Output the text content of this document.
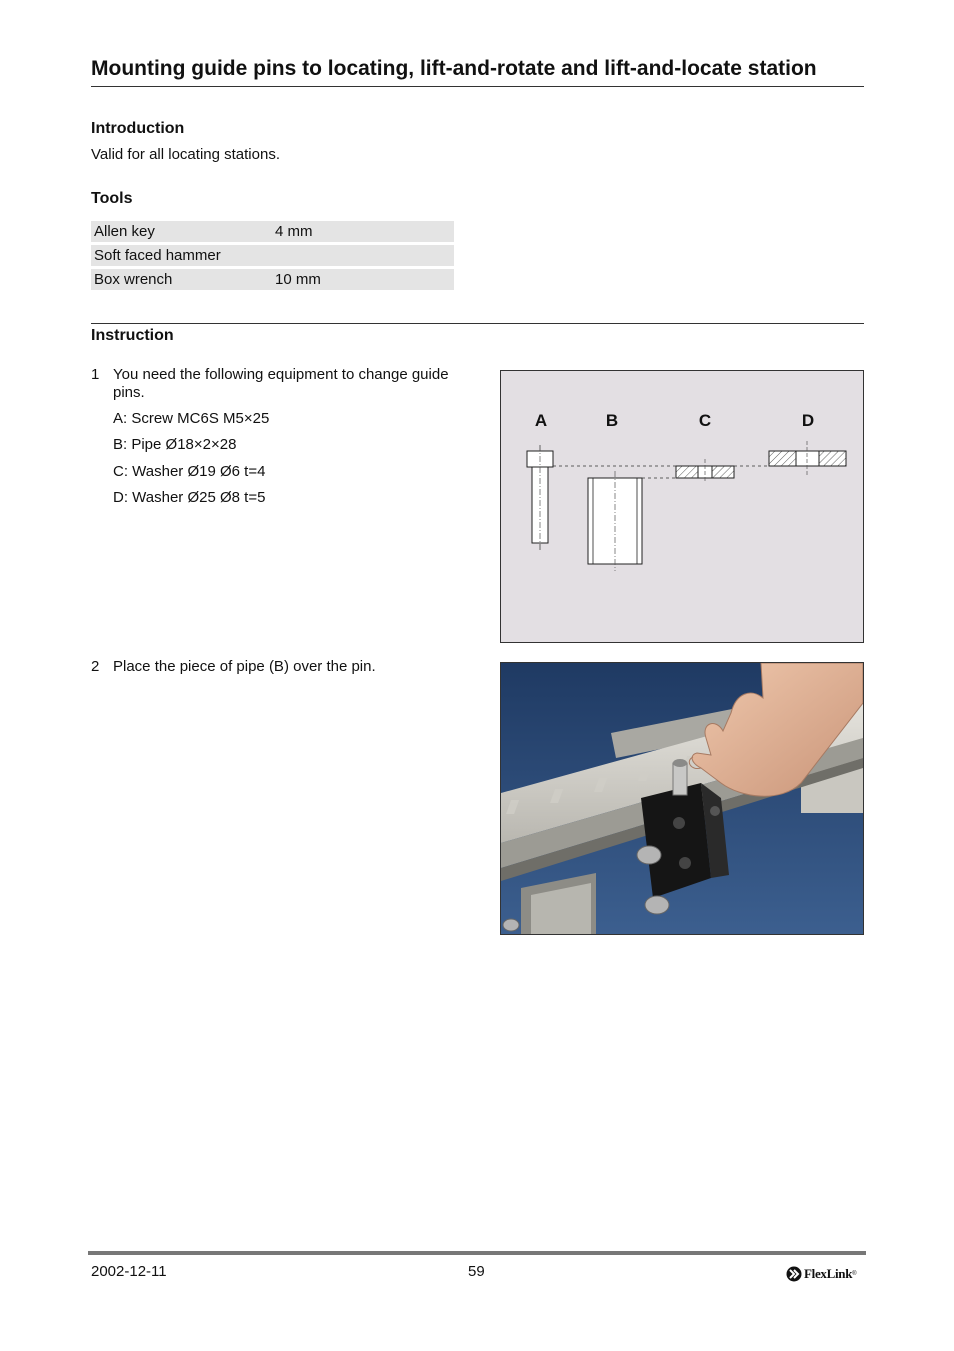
Mounting guide pins to locating, lift-and-rotate and lift-and-locate station
Introduction
Valid for all locating stations.
Tools
Allen key	4 mm
Soft faced hammer
Box wrench	10 mm
Instruction
1 You need the following equipment to change guide pins.
A: Screw MC6S M5×25
B: Pipe Ø18×2×28
C: Washer Ø19 Ø6 t=4
D: Washer Ø25 Ø8 t=5
A	B	C	D
2 Place the piece of pipe (B) over the pin.
2002-12-11	59	FlexLink ®
